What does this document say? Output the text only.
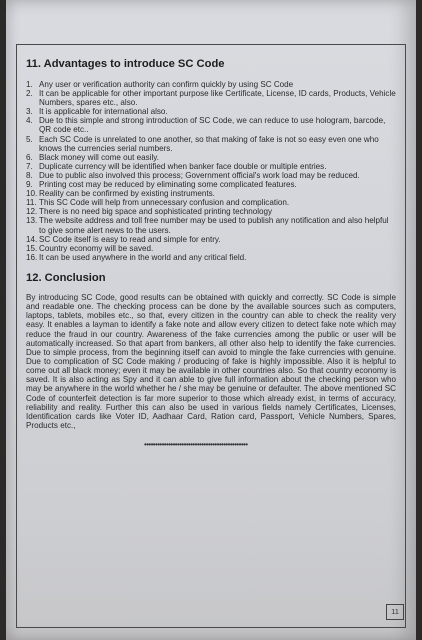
11. Advantages to introduce SC Code
1. Any user or verification authority can confirm quickly by using SC Code
2. It can be applicable for other important purpose like Certificate, License, ID cards, Products, Vehicle Numbers, spares etc., also.
3. It is applicable for international also.
4. Due to this simple and strong introduction of SC Code, we can reduce to use hologram, barcode, QR code etc..
5. Each SC Code is unrelated to one another, so that making of fake is not so easy even one who knows the currencies serial numbers.
6. Black money will come out easily.
7. Duplicate currency will be identified when banker face double or multiple entries.
8. Due to public also involved this process; Government official's work load may be reduced.
9. Printing cost may be reduced by eliminating some complicated features.
10. Reality can be confirmed by existing instruments.
11. This SC Code will help from unnecessary confusion and complication.
12. There is no need big space and sophisticated printing technology
13. The website address and toll free number may be used to publish any notification and also helpful to give some alert news to the users.
14. SC Code itself is easy to read and simple for entry.
15. Country economy will be saved.
16. It can be used anywhere in the world and any critical field.
12. Conclusion

By introducing SC Code, good results can be obtained with quickly and correctly. SC Code is simple and readable one. The checking process can be done by the available sources such as computers, laptops, tablets, mobiles etc., so that, every citizen in the country can able to check the reality very easy. It enables a layman to identify a fake note and allow every citizen to detect fake note which may reduce the fraud in our country. Awareness of the fake currencies among the public or user will be automatically increased. So that apart from bankers, all other also help to identify the fake currencies. Due to simple process, from the beginning itself can avoid to mingle the fake currencies with genuine. Due to complication of SC Code making / producing of fake is highly impossible. Also it is helpful to come out all black money; even it may be available in other countries also. So that country economy is saved. It is also acting as Spy and it can able to give full information about the checking person who may be anywhere in the world whether he / she may be genuine or defaulter. The above mentioned SC Code of counterfeit detection is far more superior to those which already exist, in terms of accuracy, reliability and reality. Further this can also be used in various fields namely Certificates, Licenses, Identification cards like Voter ID, Aadhaar Card, Ration card, Passport, Vehicle Numbers, Spares, Products etc.,

•••••••••••••••••••••••••••••••••••••••••••••••
11
